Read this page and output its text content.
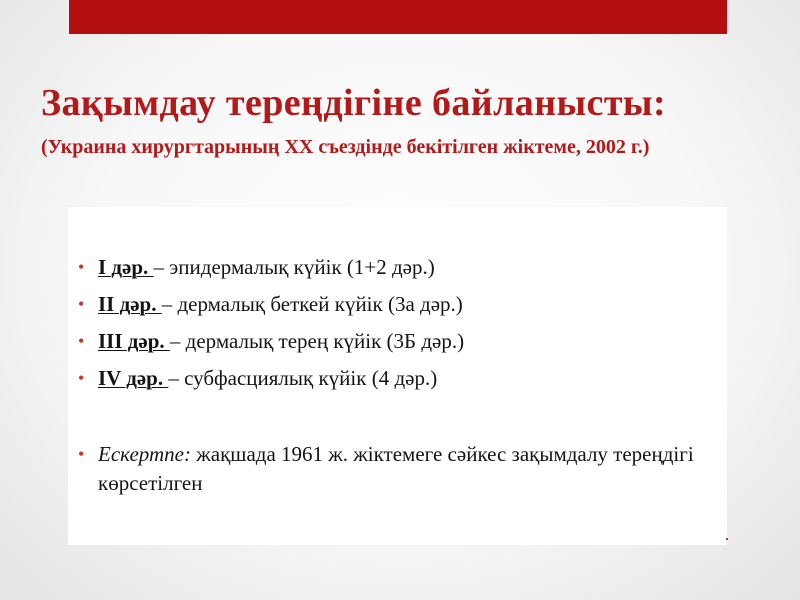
Зақымдау тереңдігіне байланысты:
(Украина хирургтарының ХХ съездінде бекітілген жіктеме, 2002 г.)
• І дәр. – эпидермалық күйік (1+2 дәр.)
• ІІ дәр. – дермалық беткей күйік (3а дәр.)
• ІІІ дәр. – дермалық терең күйік (3Б дәр.)
• ІV дәр. – субфасциялық күйік (4 дәр.)
• Ескертпе: жақшада 1961 ж. жіктемеге сәйкес зақымдалу тереңдігі көрсетілген
